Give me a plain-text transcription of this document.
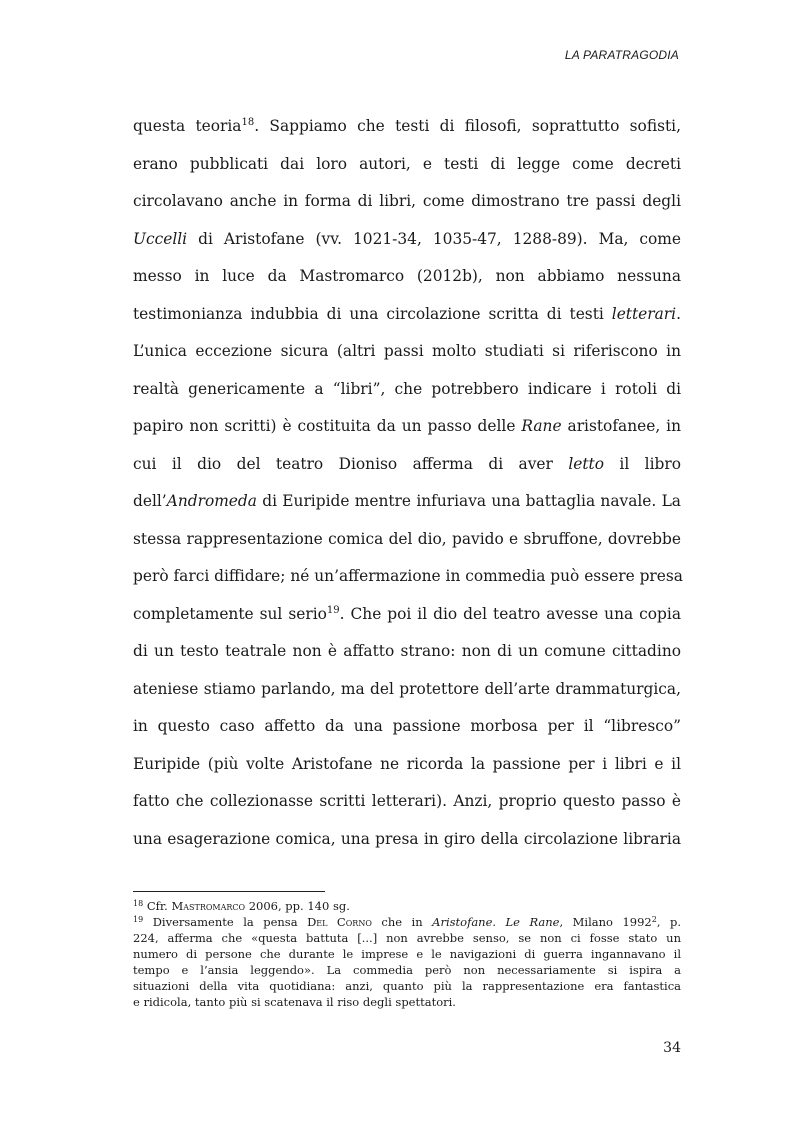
LA PARATRAGODIA
questa teoria$^{18}$. Sappiamo che testi di filosofi, soprattutto sofisti,
erano pubblicati dai loro autori, e testi di legge come decreti
circolavano anche in forma di libri, come dimostrano tre passi degli
Uccelli di Aristofane (vv. 1021-34, 1035-47, 1288-89). Ma, come
messo in luce da Mastromarco (2012b), non abbiamo nessuna
testimonianza indubbia di una circolazione scritta di testi letterari.
L’unica eccezione sicura (altri passi molto studiati si riferiscono in
realtà genericamente a “libri”, che potrebbero indicare i rotoli di
papiro non scritti) è costituita da un passo delle Rane aristofanee, in
cui il dio del teatro Dioniso afferma di aver letto il libro
dell’Andromeda di Euripide mentre infuriava una battaglia navale. La
stessa rappresentazione comica del dio, pavido e sbruffone, dovrebbe
però farci diffidare; né un’affermazione in commedia può essere presa
completamente sul serio$^{19}$. Che poi il dio del teatro avesse una copia
di un testo teatrale non è affatto strano: non di un comune cittadino
ateniese stiamo parlando, ma del protettore dell’arte drammaturgica,
in questo caso affetto da una passione morbosa per il “libresco”
Euripide (più volte Aristofane ne ricorda la passione per i libri e il
fatto che collezionasse scritti letterari). Anzi, proprio questo passo è
una esagerazione comica, una presa in giro della circolazione libraria
$^{18}$ Cfr. Mastromarco 2006, pp. 140 sg.
$^{19}$ Diversamente la pensa Del Corno che in Aristofane. Le Rane, Milano 1992$^2$, p.
224, afferma che «questa battuta [...] non avrebbe senso, se non ci fosse stato un
numero di persone che durante le imprese e le navigazioni di guerra ingannavano il
tempo e l’ansia leggendo». La commedia però non necessariamente si ispira a
situazioni della vita quotidiana: anzi, quanto più la rappresentazione era fantastica
e ridicola, tanto più si scatenava il riso degli spettatori.
34
